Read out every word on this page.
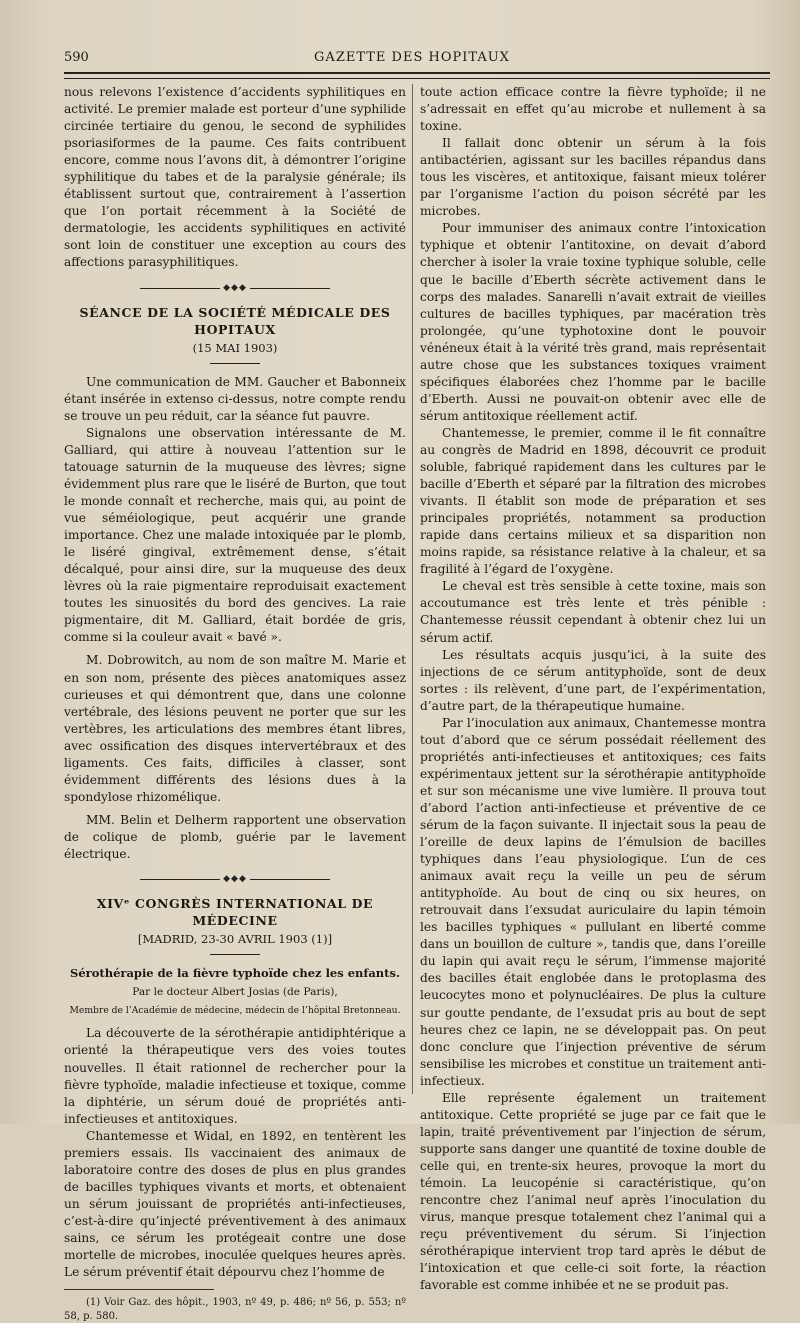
590	GAZETTE DES HOPITAUX

nous relevons l’existence d’accidents syphilitiques en activité. Le premier malade est porteur d’une syphilide circinée tertiaire du genou, le second de syphilides psoriasiformes de la paume. Ces faits contribuent encore, comme nous l’avons dit, à démontrer l’origine syphilitique du tabes et de la paralysie générale; ils établissent surtout que, contrairement à l’assertion que l’on portait récemment à la Société de dermatologie, les accidents syphilitiques en activité sont loin de constituer une exception au cours des affections parasyphilitiques.

◆◆◆
SÉANCE DE LA SOCIÉTÉ MÉDICALE DES HOPITAUX
(15 MAI 1903)

Une communication de MM. Gaucher et Babonneix étant insérée in extenso ci-dessus, notre compte rendu se trouve un peu réduit, car la séance fut pauvre.

Signalons une observation intéressante de M. Galliard, qui attire à nouveau l’attention sur le tatouage saturnin de la muqueuse des lèvres; signe évidemment plus rare que le liséré de Burton, que tout le monde connaît et recherche, mais qui, au point de vue séméiologique, peut acquérir une grande importance. Chez une malade intoxiquée par le plomb, le liséré gingival, extrêmement dense, s’était décalqué, pour ainsi dire, sur la muqueuse des deux lèvres où la raie pigmentaire reproduisait exactement toutes les sinuosités du bord des gencives. La raie pigmentaire, dit M. Galliard, était bordée de gris, comme si la couleur avait « bavé ».

M. Dobrowitch, au nom de son maître M. Marie et en son nom, présente des pièces anatomiques assez curieuses et qui démontrent que, dans une colonne vertébrale, des lésions peuvent ne porter que sur les vertèbres, les articulations des membres étant libres, avec ossification des disques intervertébraux et des ligaments. Ces faits, difficiles à classer, sont évidemment différents des lésions dues à la spondylose rhizomélique.

MM. Belin et Delherm rapportent une observation de colique de plomb, guérie par le lavement électrique.

◆◆◆
XIVᵉ CONGRÈS INTERNATIONAL DE MÉDECINE
[MADRID, 23-30 AVRIL 1903 (1)]
Sérothérapie de la fièvre typhoïde chez les enfants.
Par le docteur Albert Josias (de Paris),
Membre de l’Académie de médecine, médecin de l’hôpital Bretonneau.

La découverte de la sérothérapie antidiphtérique a orienté la thérapeutique vers des voies toutes nouvelles. Il était rationnel de rechercher pour la fièvre typhoïde, maladie infectieuse et toxique, comme la diphtérie, un sérum doué de propriétés anti-infectieuses et antitoxiques.

Chantemesse et Widal, en 1892, en tentèrent les premiers essais. Ils vaccinaient des animaux de laboratoire contre des doses de plus en plus grandes de bacilles typhiques vivants et morts, et obtenaient un sérum jouissant de propriétés anti-infectieuses, c’est-à-dire qu’injecté préventivement à des animaux sains, ce sérum les protégeait contre une dose mortelle de microbes, inoculée quelques heures après. Le sérum préventif était dépourvu chez l’homme de

(1) Voir Gaz. des hôpit., 1903, nº 49, p. 486; nº 56, p. 553; nº 58, p. 580.

toute action efficace contre la fièvre typhoïde; il ne s’adressait en effet qu’au microbe et nullement à sa toxine.

Il fallait donc obtenir un sérum à la fois antibactérien, agissant sur les bacilles répandus dans tous les viscères, et antitoxique, faisant mieux tolérer par l’organisme l’action du poison sécrété par les microbes.

Pour immuniser des animaux contre l’intoxication typhique et obtenir l’antitoxine, on devait d’abord chercher à isoler la vraie toxine typhique soluble, celle que le bacille d’Eberth sécrète activement dans le corps des malades. Sanarelli n’avait extrait de vieilles cultures de bacilles typhiques, par macération très prolongée, qu’une typhotoxine dont le pouvoir vénéneux était à la vérité très grand, mais représentait autre chose que les substances toxiques vraiment spécifiques élaborées chez l’homme par le bacille d’Eberth. Aussi ne pouvait-on obtenir avec elle de sérum antitoxique réellement actif.

Chantemesse, le premier, comme il le fit connaître au congrès de Madrid en 1898, découvrit ce produit soluble, fabriqué rapidement dans les cultures par le bacille d’Eberth et séparé par la filtration des microbes vivants. Il établit son mode de préparation et ses principales propriétés, notamment sa production rapide dans certains milieux et sa disparition non moins rapide, sa résistance relative à la chaleur, et sa fragilité à l’égard de l’oxygène.

Le cheval est très sensible à cette toxine, mais son accoutumance est très lente et très pénible : Chantemesse réussit cependant à obtenir chez lui un sérum actif.

Les résultats acquis jusqu’ici, à la suite des injections de ce sérum antityphoïde, sont de deux sortes : ils relèvent, d’une part, de l’expérimentation, d’autre part, de la thérapeutique humaine.

Par l’inoculation aux animaux, Chantemesse montra tout d’abord que ce sérum possédait réellement des propriétés anti-infectieuses et antitoxiques; ces faits expérimentaux jettent sur la sérothérapie antityphoïde et sur son mécanisme une vive lumière. Il prouva tout d’abord l’action anti-infectieuse et préventive de ce sérum de la façon suivante. Il injectait sous la peau de l’oreille de deux lapins de l’émulsion de bacilles typhiques dans l’eau physiologique. L’un de ces animaux avait reçu la veille un peu de sérum antityphoïde. Au bout de cinq ou six heures, on retrouvait dans l’exsudat auriculaire du lapin témoin les bacilles typhiques « pullulant en liberté comme dans un bouillon de culture », tandis que, dans l’oreille du lapin qui avait reçu le sérum, l’immense majorité des bacilles était englobée dans le protoplasma des leucocytes mono et polynucléaires. De plus la culture sur goutte pendante, de l’exsudat pris au bout de sept heures chez ce lapin, ne se développait pas. On peut donc conclure que l’injection préventive de sérum sensibilise les microbes et constitue un traitement anti-infectieux.

Elle représente également un traitement antitoxique. Cette propriété se juge par ce fait que le lapin, traité préventivement par l’injection de sérum, supporte sans danger une quantité de toxine double de celle qui, en trente-six heures, provoque la mort du témoin. La leucopénie si caractéristique, qu’on rencontre chez l’animal neuf après l’inoculation du virus, manque presque totalement chez l’animal qui a reçu préventivement du sérum. Si l’injection sérothérapique intervient trop tard après le début de l’intoxication et que celle-ci soit forte, la réaction favorable est comme inhibée et ne se produit pas.
